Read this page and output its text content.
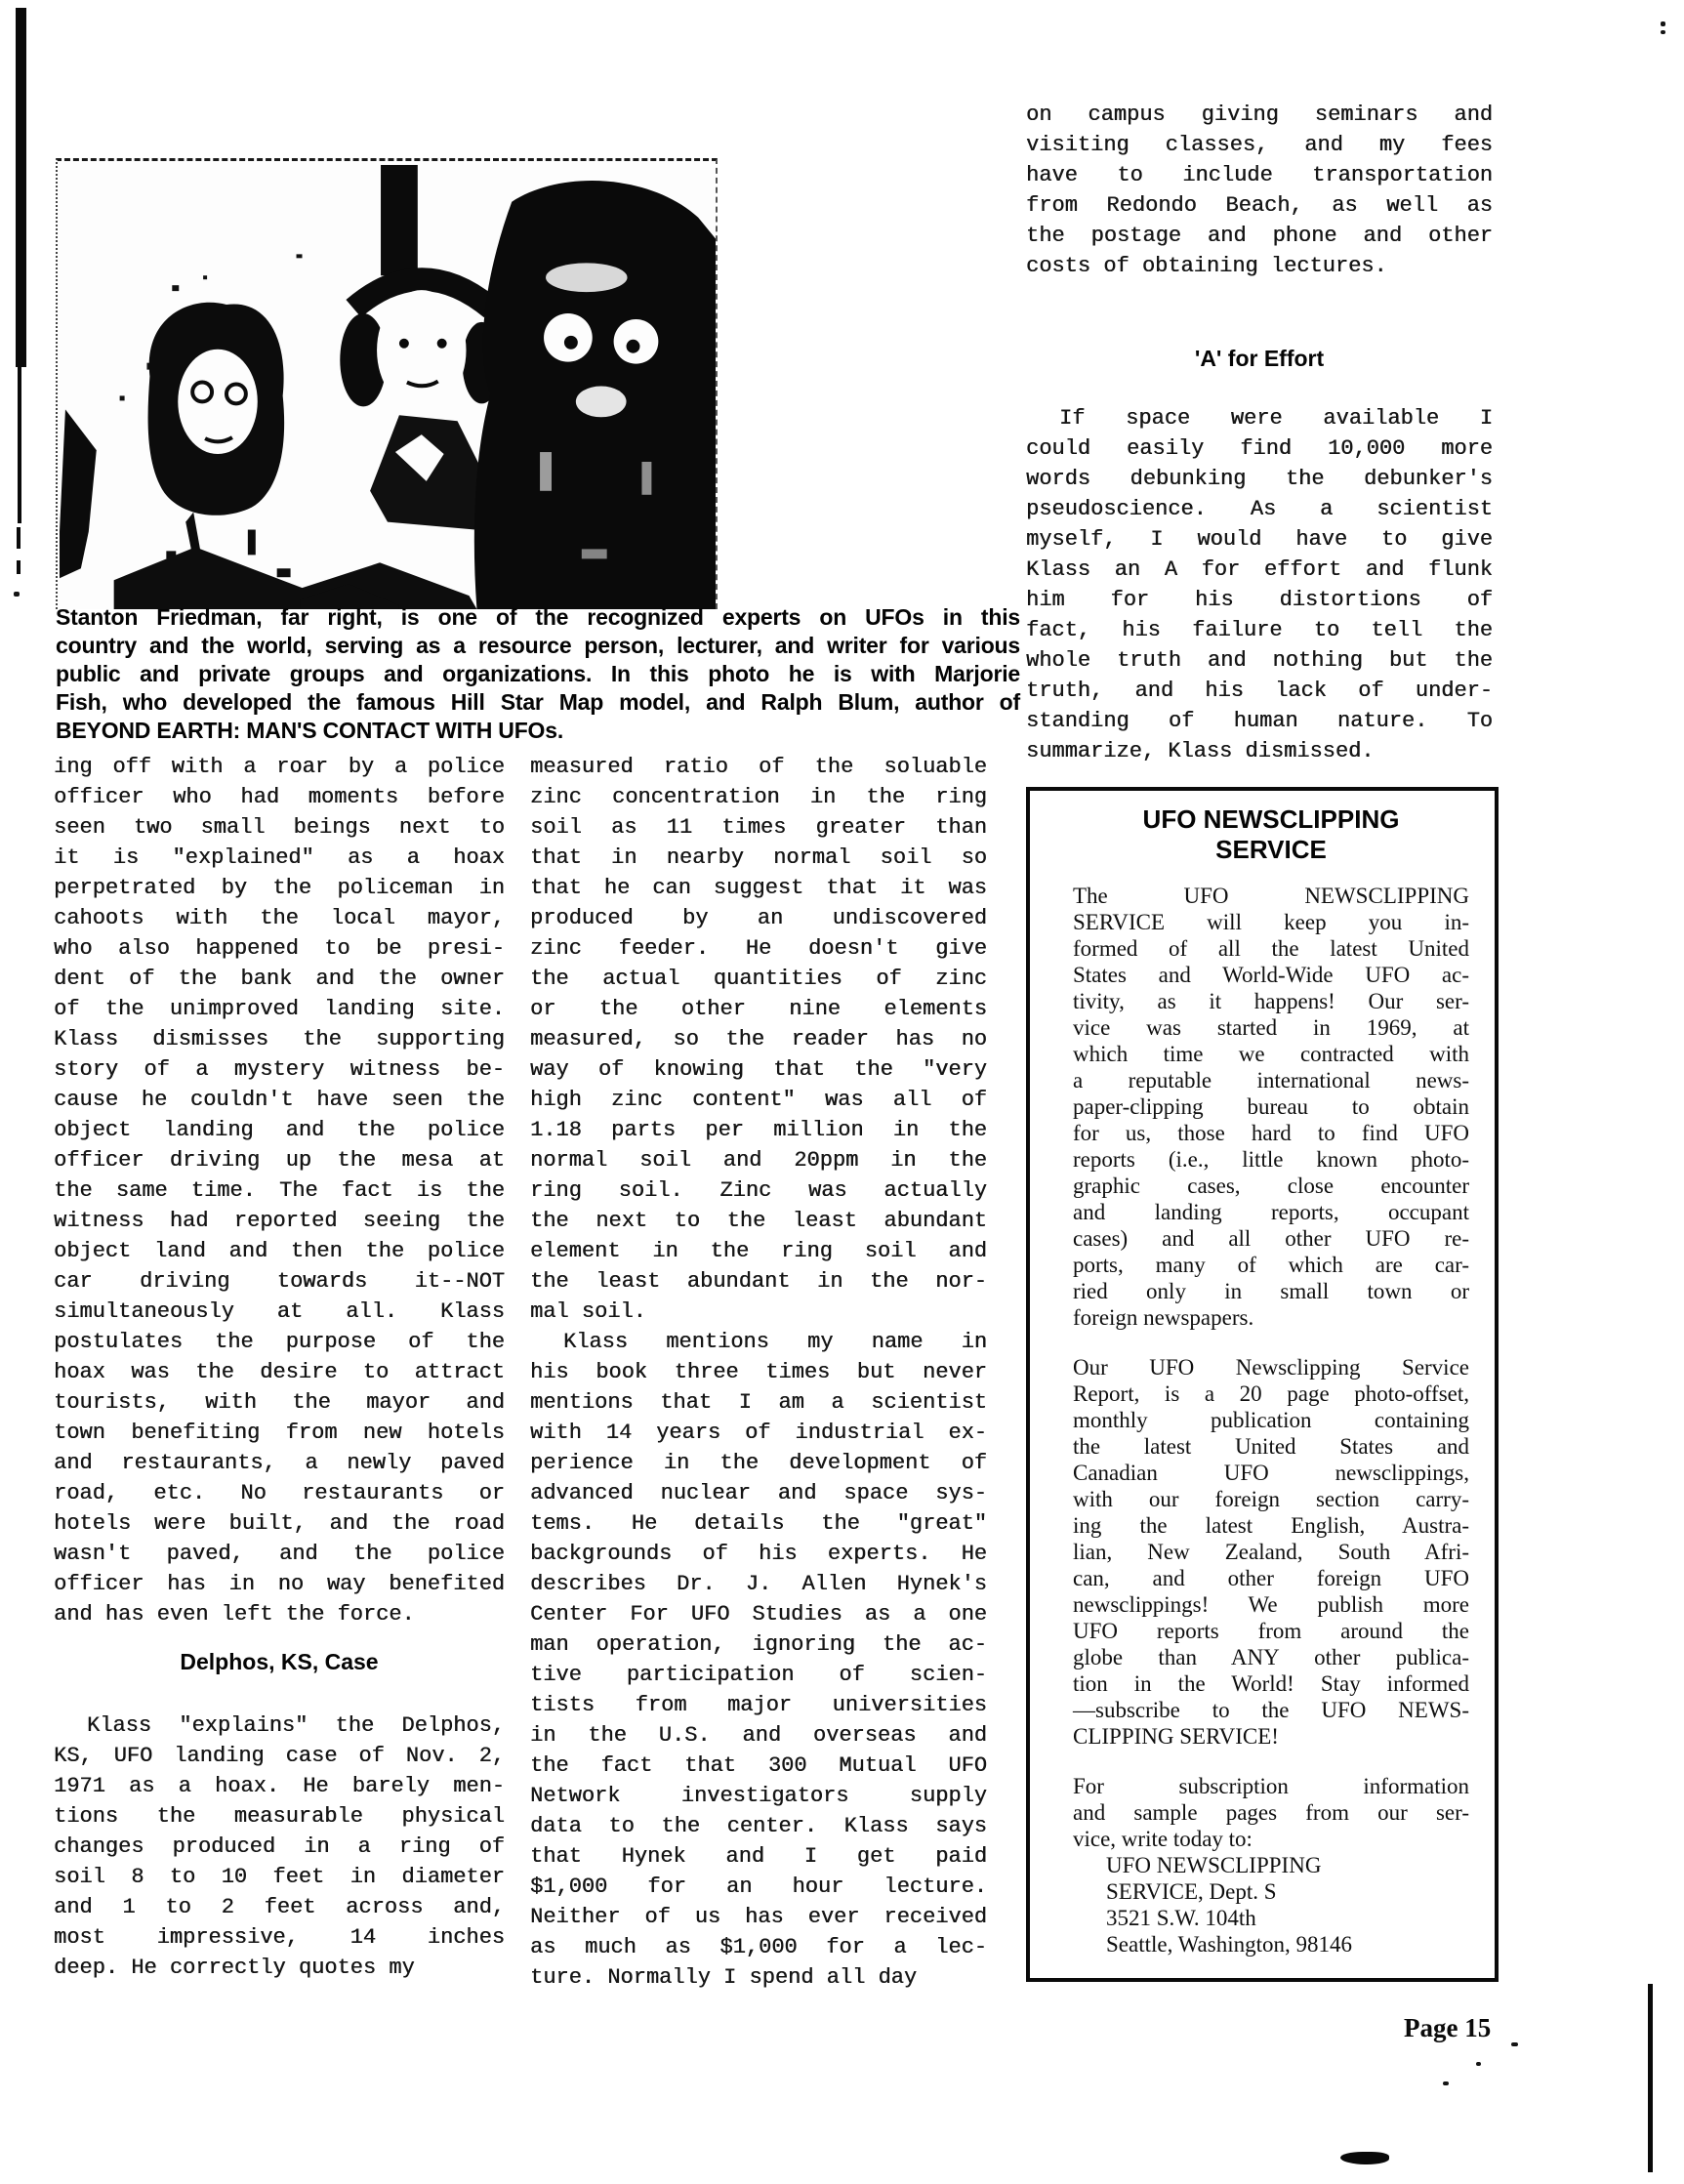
Stanton Friedman, far right, is one of the recognized experts on UFOs in this
country and the world, serving as a resource person, lecturer, and writer for various
public and private groups and organizations. In this photo he is with Marjorie
Fish, who developed the famous Hill Star Map model, and Ralph Blum, author of
BEYOND EARTH: MAN'S CONTACT WITH UFOs.
ing off with a roar by a police
officer who had moments before
seen two small beings next to
it is "explained" as a hoax
perpetrated by the policeman in
cahoots with the local mayor,
who also happened to be presi-
dent of the bank and the owner
of the unimproved landing site.
Klass dismisses the supporting
story of a mystery witness be-
cause he couldn't have seen the
object landing and the police
officer driving up the mesa at
the same time. The fact is the
witness had reported seeing the
object land and then the police
car driving towards it--NOT
simultaneously at all. Klass
postulates the purpose of the
hoax was the desire to attract
tourists, with the mayor and
town benefiting from new hotels
and restaurants, a newly paved
road, etc. No restaurants or
hotels were built, and the road
wasn't paved, and the police
officer has in no way benefited
and has even left the force.
Delphos, KS, Case
Klass "explains" the Delphos,
KS, UFO landing case of Nov. 2,
1971 as a hoax. He barely men-
tions the measurable physical
changes produced in a ring of
soil 8 to 10 feet in diameter
and 1 to 2 feet across and,
most impressive, 14 inches
deep. He correctly quotes my
measured ratio of the soluable
zinc concentration in the ring
soil as 11 times greater than
that in nearby normal soil so
that he can suggest that it was
produced by an undiscovered
zinc feeder. He doesn't give
the actual quantities of zinc
or the other nine elements
measured, so the reader has no
way of knowing that the "very
high zinc content" was all of
1.18 parts per million in the
normal soil and 20ppm in the
ring soil. Zinc was actually
the next to the least abundant
element in the ring soil and
the least abundant in the nor-
mal soil.
Klass mentions my name in
his book three times but never
mentions that I am a scientist
with 14 years of industrial ex-
perience in the development of
advanced nuclear and space sys-
tems. He details the "great"
backgrounds of his experts. He
describes Dr. J. Allen Hynek's
Center For UFO Studies as a one
man operation, ignoring the ac-
tive participation of scien-
tists from major universities
in the U.S. and overseas and
the fact that 300 Mutual UFO
Network investigators supply
data to the center. Klass says
that Hynek and I get paid
$1,000 for an hour lecture.
Neither of us has ever received
as much as $1,000 for a lec-
ture. Normally I spend all day
on campus giving seminars and
visiting classes, and my fees
have to include transportation
from Redondo Beach, as well as
the postage and phone and other
costs of obtaining lectures.
'A' for Effort
If space were available I
could easily find 10,000 more
words debunking the debunker's
pseudoscience. As a scientist
myself, I would have to give
Klass an A for effort and flunk
him for his distortions of
fact, his failure to tell the
whole truth and nothing but the
truth, and his lack of under-
standing of human nature. To
summarize, Klass dismissed.
UFO NEWSCLIPPING
SERVICE
The UFO NEWSCLIPPING
SERVICE will keep you in-
formed of all the latest United
States and World-Wide UFO ac-
tivity, as it happens! Our ser-
vice was started in 1969, at
which time we contracted with
a reputable international news-
paper-clipping bureau to obtain
for us, those hard to find UFO
reports (i.e., little known photo-
graphic cases, close encounter
and landing reports, occupant
cases) and all other UFO re-
ports, many of which are car-
ried only in small town or
foreign newspapers.
Our UFO Newsclipping Service
Report, is a 20 page photo-offset,
monthly publication containing
the latest United States and
Canadian UFO newsclippings,
with our foreign section carry-
ing the latest English, Austra-
lian, New Zealand, South Afri-
can, and other foreign UFO
newsclippings! We publish more
UFO reports from around the
globe than ANY other publica-
tion in the World! Stay informed
—subscribe to the UFO NEWS-
CLIPPING SERVICE!
For subscription information
and sample pages from our ser-
vice, write today to:
UFO NEWSCLIPPING
SERVICE, Dept. S
3521 S.W. 104th
Seattle, Washington, 98146
Page 15
